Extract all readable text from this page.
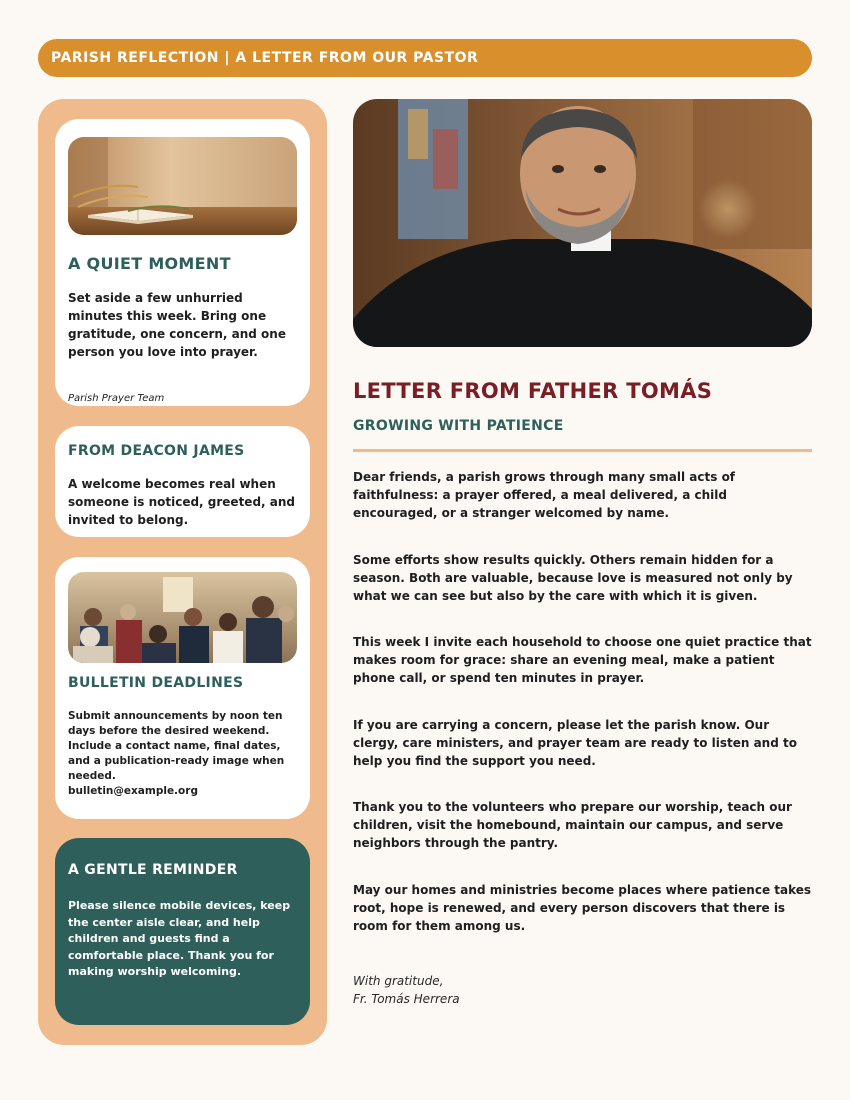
PARISH REFLECTION | A LETTER FROM OUR PASTOR
A QUIET MOMENT

Set aside a few unhurried minutes this week. Bring one gratitude, one concern, and one person you love into prayer.

Parish Prayer Team
FROM DEACON JAMES

A welcome becomes real when someone is noticed, greeted, and invited to belong.

BULLETIN DEADLINES

Submit announcements by noon ten days before the desired weekend. Include a contact name, final dates, and a publication-ready image when needed.

bulletin@example.org
A GENTLE REMINDER

Please silence mobile devices, keep the center aisle clear, and help children and guests find a comfortable place. Thank you for making worship welcoming.

LETTER FROM FATHER TOMÁS
GROWING WITH PATIENCE

Dear friends, a parish grows through many small acts of faithfulness: a prayer offered, a meal delivered, a child encouraged, or a stranger welcomed by name.

Some efforts show results quickly. Others remain hidden for a season. Both are valuable, because love is measured not only by what we can see but also by the care with which it is given.

This week I invite each household to choose one quiet practice that makes room for grace: share an evening meal, make a patient phone call, or spend ten minutes in prayer.

If you are carrying a concern, please let the parish know. Our clergy, care ministers, and prayer team are ready to listen and to help you find the support you need.

Thank you to the volunteers who prepare our worship, teach our children, visit the homebound, maintain our campus, and serve neighbors through the pantry.

May our homes and ministries become places where patience takes root, hope is renewed, and every person discovers that there is room for them among us.

With gratitude,
Fr. Tomás Herrera
